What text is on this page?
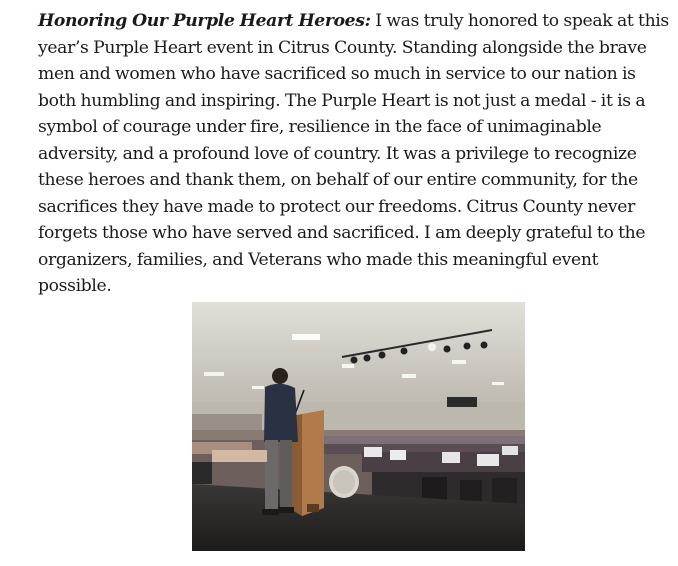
Honoring Our Purple Heart Heroes: I was truly honored to speak at this year’s Purple Heart event in Citrus County. Standing alongside the brave men and women who have sacrificed so much in service to our nation is both humbling and inspiring. The Purple Heart is not just a medal - it is a symbol of courage under fire, resilience in the face of unimaginable adversity, and a profound love of country. It was a privilege to recognize these heroes and thank them, on behalf of our entire community, for the sacrifices they have made to protect our freedoms. Citrus County never forgets those who have served and sacrificed. I am deeply grateful to the organizers, families, and Veterans who made this meaningful event possible.
